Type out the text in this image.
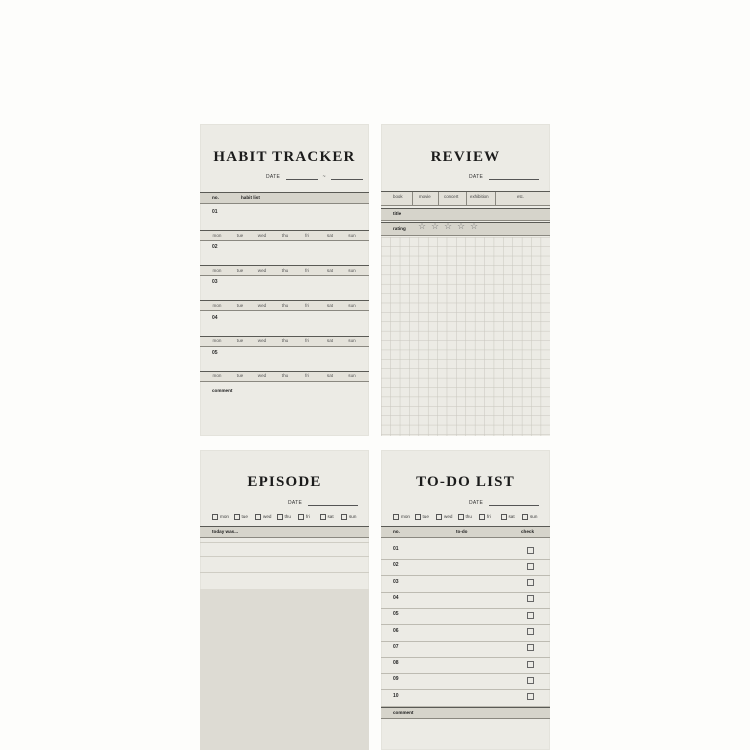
HABIT TRACKER
DATE	~
no.	habit list
01
mon	tue	wed	thu	fri	sat	sun
02
mon	tue	wed	thu	fri	sat	sun
03
mon	tue	wed	thu	fri	sat	sun
04
mon	tue	wed	thu	fri	sat	sun
05
mon	tue	wed	thu	fri	sat	sun
comment
REVIEW
DATE
book	movie	concert	exhibition	etc.
title
rating ☆ ☆ ☆ ☆ ☆
EPISODE
DATE
mon	tue	wed	thu	fri	sat	sun
today was...
TO-DO LIST
DATE
mon	tue	wed	thu	fri	sat	sun
no.	to-do	check
01
02
03
04
05
06
07
08
09
10
comment
